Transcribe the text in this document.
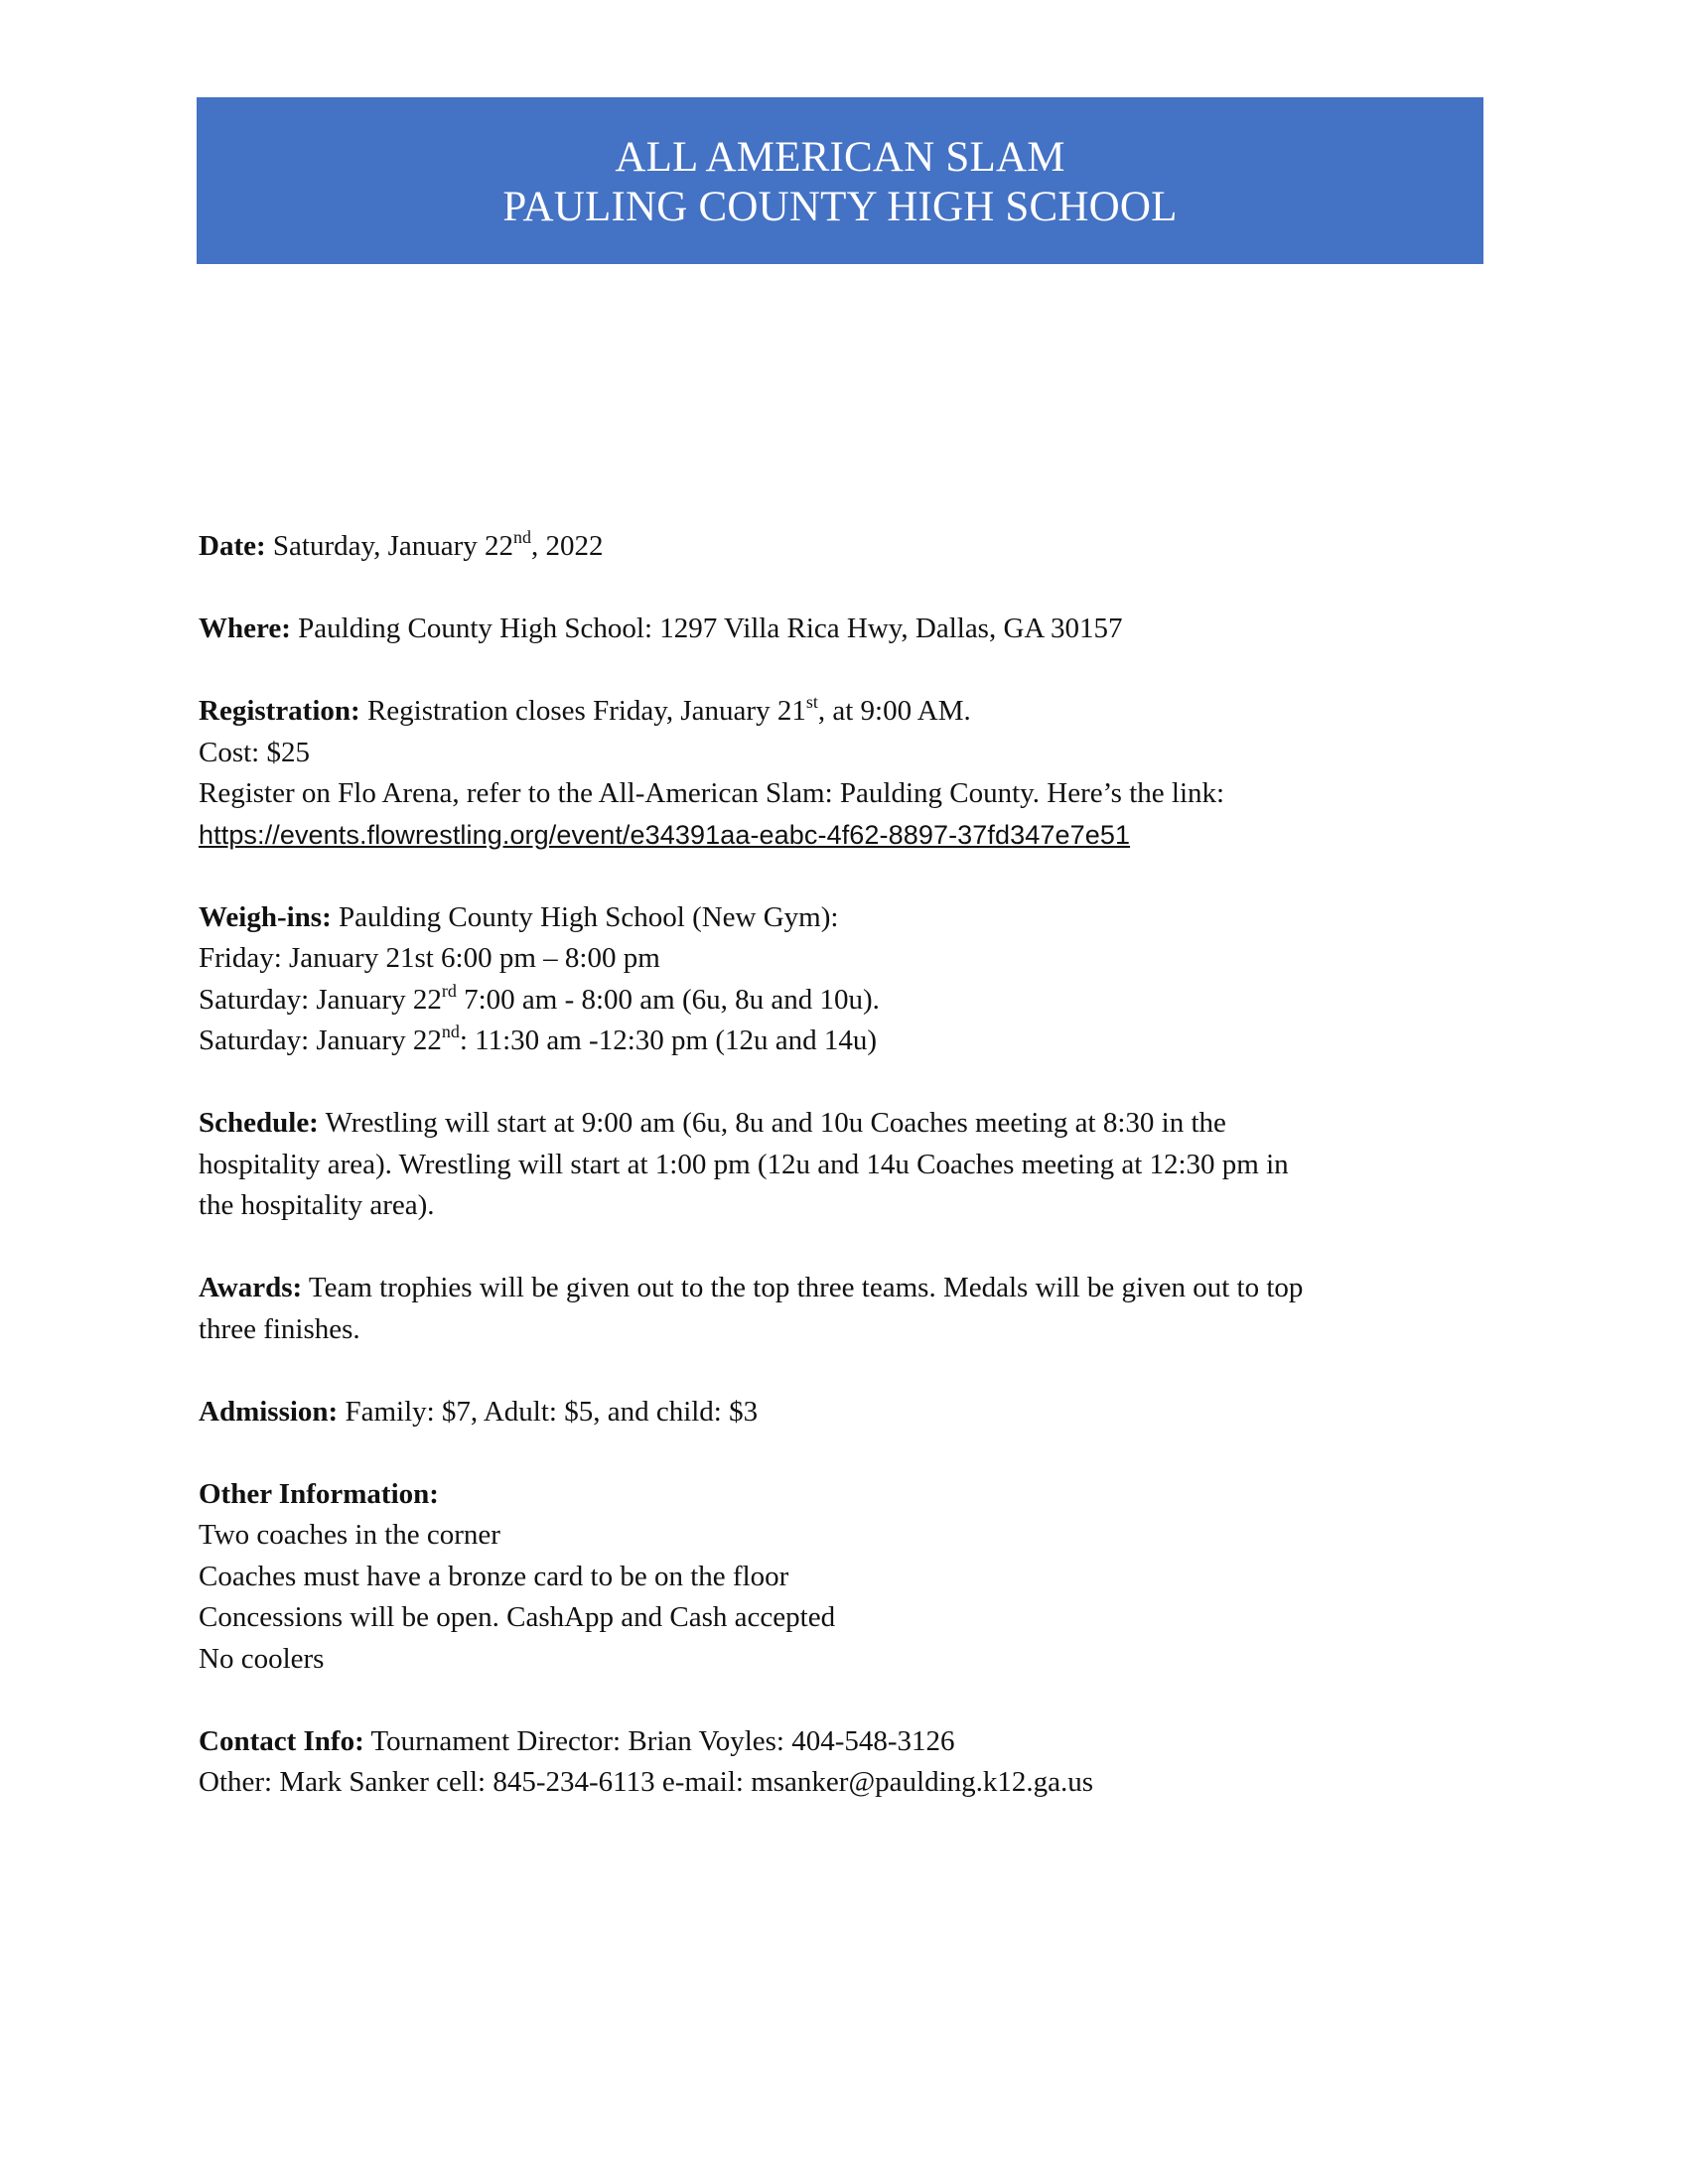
ALL AMERICAN SLAM
PAULING COUNTY HIGH SCHOOL
Date: Saturday, January 22nd, 2022
Where: Paulding County High School: 1297 Villa Rica Hwy, Dallas, GA 30157
Registration: Registration closes Friday, January 21st, at 9:00 AM.
Cost: $25
Register on Flo Arena, refer to the All-American Slam: Paulding County. Here’s the link:
https://events.flowrestling.org/event/e34391aa-eabc-4f62-8897-37fd347e7e51
Weigh-ins: Paulding County High School (New Gym):
Friday: January 21st 6:00 pm – 8:00 pm
Saturday: January 22rd 7:00 am - 8:00 am (6u, 8u and 10u).
Saturday: January 22nd: 11:30 am -12:30 pm (12u and 14u)
Schedule: Wrestling will start at 9:00 am (6u, 8u and 10u Coaches meeting at 8:30 in the
hospitality area). Wrestling will start at 1:00 pm (12u and 14u Coaches meeting at 12:30 pm in
the hospitality area).
Awards: Team trophies will be given out to the top three teams. Medals will be given out to top
three finishes.
Admission: Family: $7, Adult: $5, and child: $3
Other Information:
Two coaches in the corner
Coaches must have a bronze card to be on the floor
Concessions will be open. CashApp and Cash accepted
No coolers
Contact Info: Tournament Director: Brian Voyles: 404-548-3126
Other: Mark Sanker cell: 845-234-6113 e-mail: msanker@paulding.k12.ga.us
